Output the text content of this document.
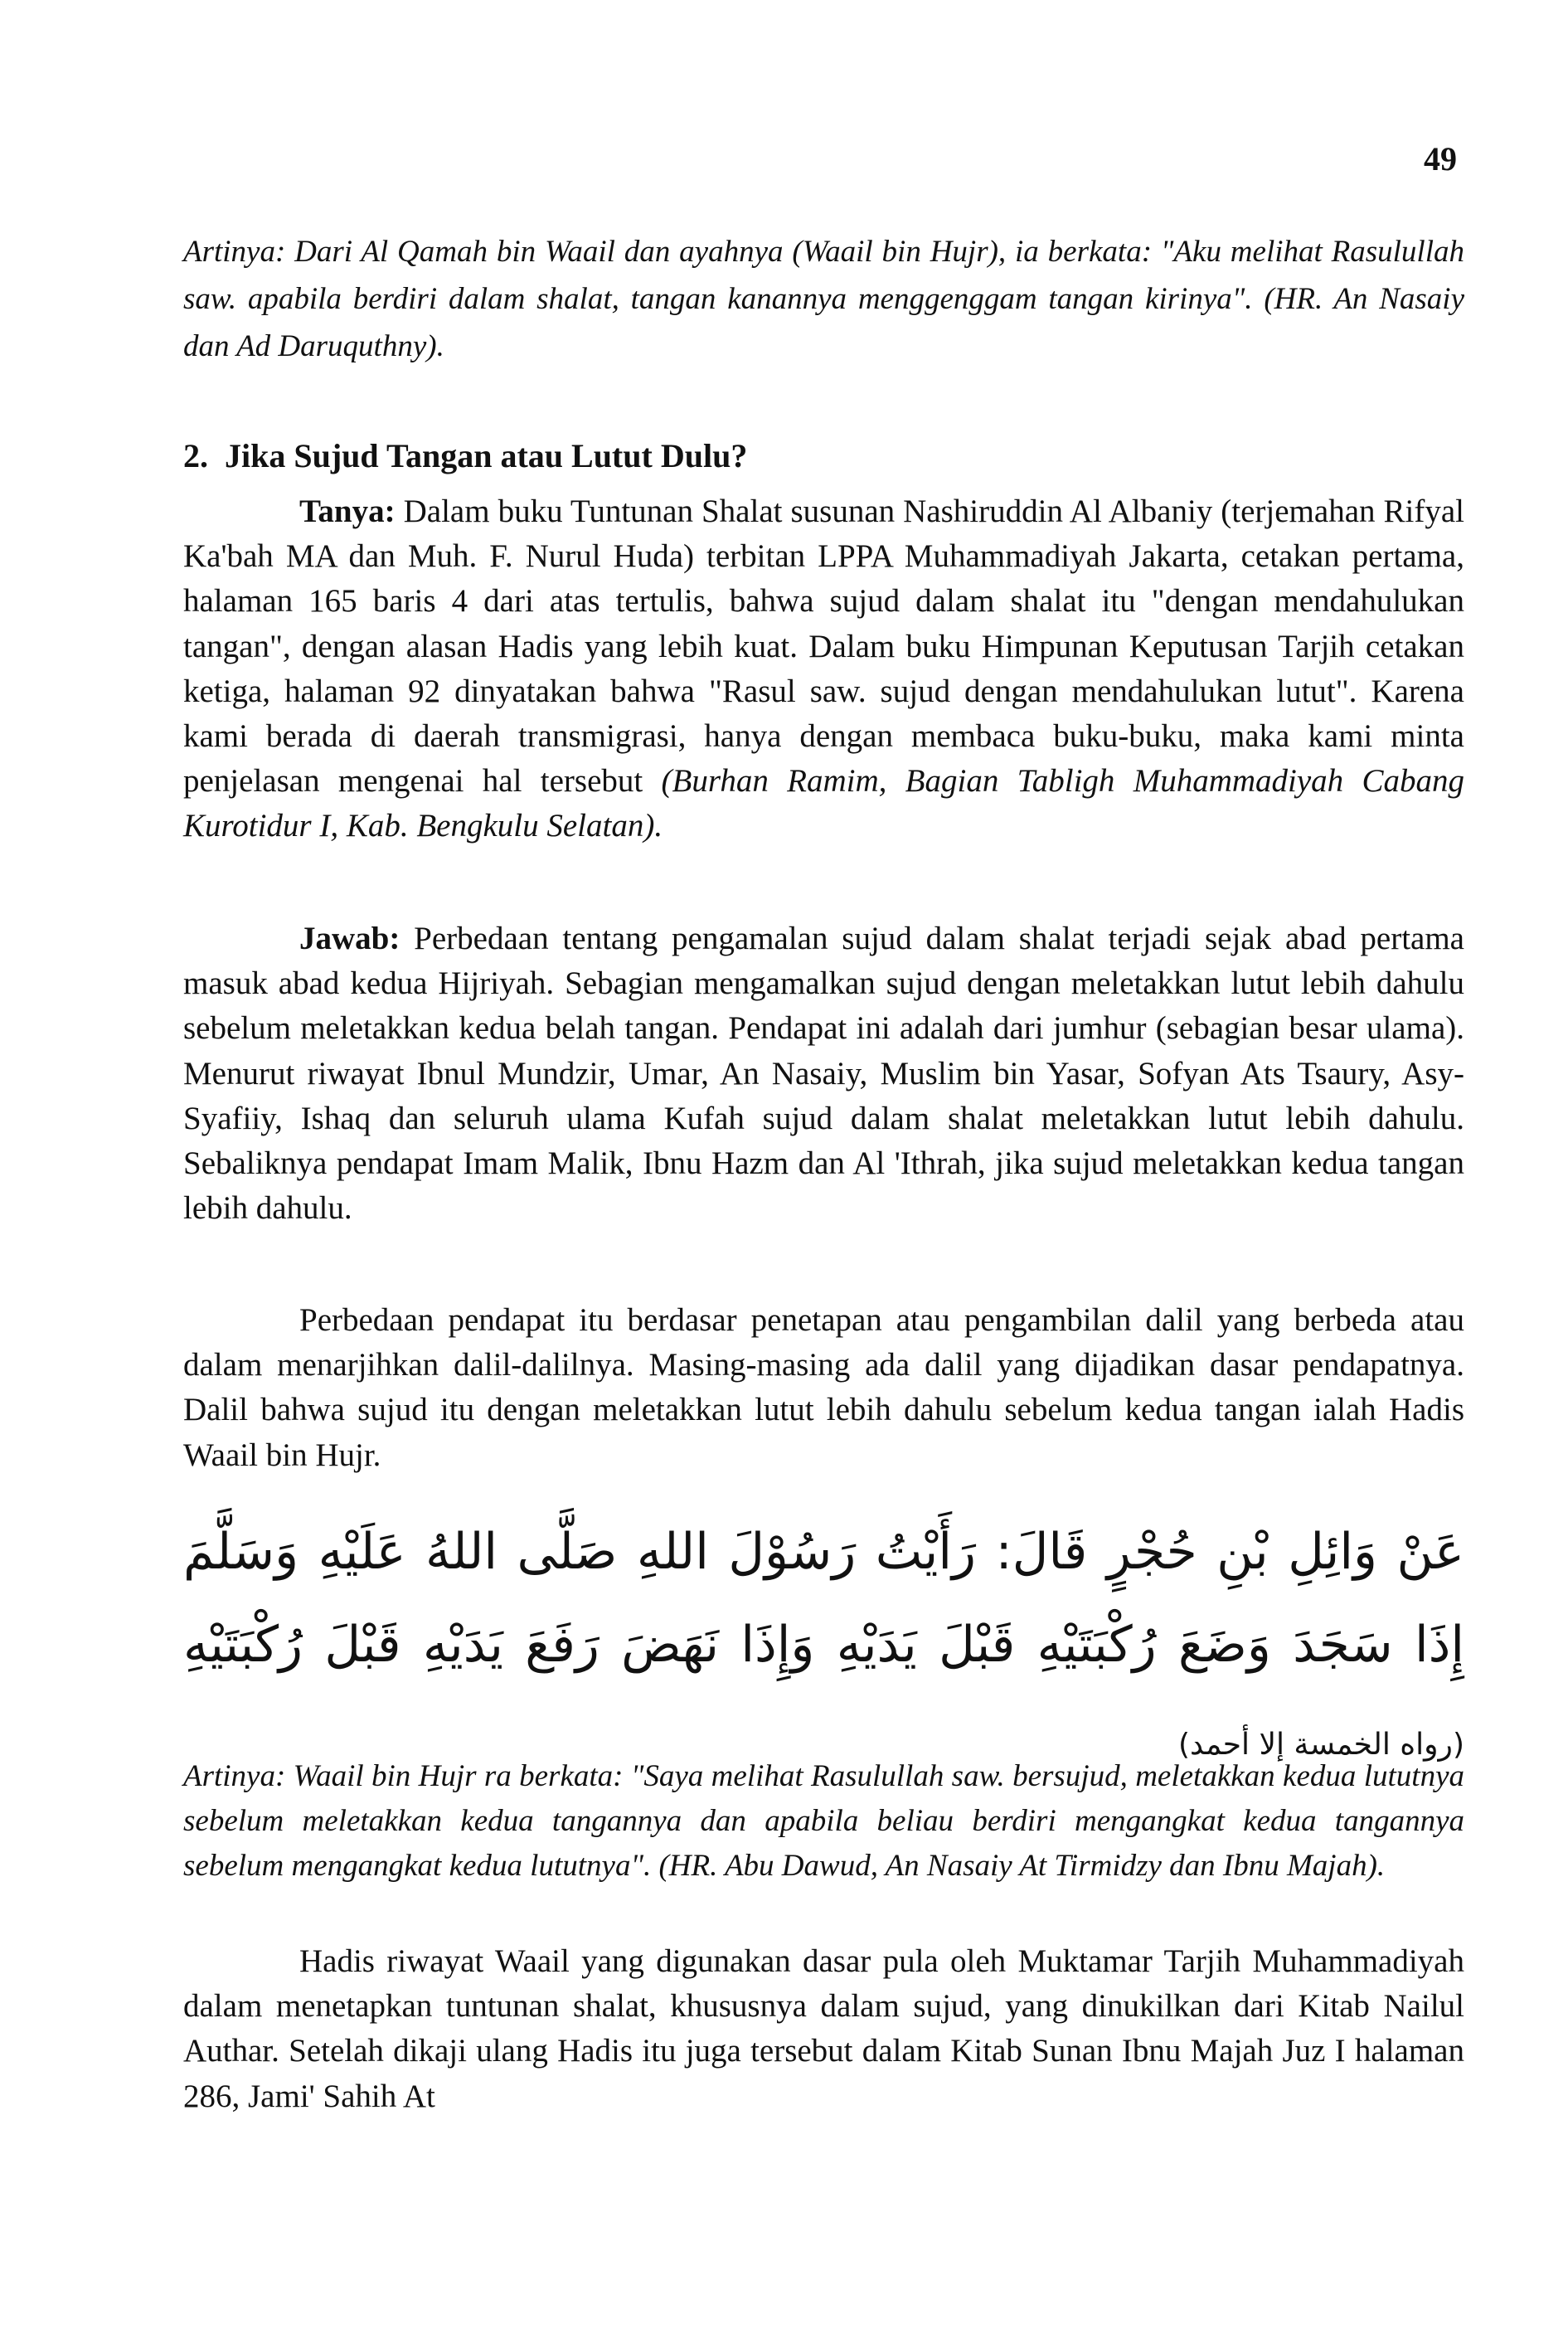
49

Artinya: Dari Al Qamah bin Waail dan ayahnya (Waail bin Hujr), ia berkata: "Aku melihat Rasulullah saw. apabila berdiri dalam shalat, tangan kanannya menggenggam tangan kirinya". (HR. An Nasaiy dan Ad Daruquthny).

2.  Jika Sujud Tangan atau Lutut Dulu?

Tanya: Dalam buku Tuntunan Shalat susunan Nashiruddin Al Albaniy (terjemahan Rifyal Ka'bah MA dan Muh. F. Nurul Huda) terbitan LPPA Muhammadiyah Jakarta, cetakan pertama, halaman 165 baris 4 dari atas tertulis, bahwa sujud dalam shalat itu "dengan mendahulukan tangan", dengan alasan Hadis yang lebih kuat. Dalam buku Himpunan Keputusan Tarjih cetakan ketiga, halaman 92 dinyatakan bahwa "Rasul saw. sujud dengan mendahulukan lutut". Karena kami berada di daerah transmigrasi, hanya dengan membaca buku-buku, maka kami minta penjelasan mengenai hal tersebut (Burhan Ramim, Bagian Tabligh Muhammadiyah Cabang Kurotidur I, Kab. Bengkulu Selatan).

Jawab: Perbedaan tentang pengamalan sujud dalam shalat terjadi sejak abad pertama masuk abad kedua Hijriyah. Sebagian mengamalkan sujud dengan meletakkan lutut lebih dahulu sebelum meletakkan kedua belah tangan. Pendapat ini adalah dari jumhur (sebagian besar ulama). Menurut riwayat Ibnul Mundzir, Umar, An Nasaiy, Muslim bin Yasar, Sofyan Ats Tsaury, Asy-Syafiiy, Ishaq dan seluruh ulama Kufah sujud dalam shalat meletakkan lutut lebih dahulu. Sebaliknya pendapat Imam Malik, Ibnu Hazm dan Al 'Ithrah, jika sujud meletakkan kedua tangan lebih dahulu.

Perbedaan pendapat itu berdasar penetapan atau pengambilan dalil yang berbeda atau dalam menarjihkan dalil-dalilnya. Masing-masing ada dalil yang dijadikan dasar pendapatnya. Dalil bahwa sujud itu dengan meletakkan lutut lebih dahulu sebelum kedua tangan ialah Hadis Waail bin Hujr.

عَنْ وَائِلِ بْنِ حُجْرٍ قَالَ: رَأَيْتُ رَسُوْلَ اللهِ صَلَّى اللهُ عَلَيْهِ وَسَلَّمَ إِذَا سَجَدَ وَضَعَ رُكْبَتَيْهِ قَبْلَ يَدَيْهِ وَإِذَا نَهَضَ رَفَعَ يَدَيْهِ قَبْلَ رُكْبَتَيْهِ (رواه الخمسة إلا أحمد)

Artinya: Waail bin Hujr ra berkata: "Saya melihat Rasulullah saw. bersujud, meletakkan kedua lututnya sebelum meletakkan kedua tangannya dan apabila beliau berdiri mengangkat kedua tangannya sebelum mengangkat kedua lututnya". (HR. Abu Dawud, An Nasaiy At Tirmidzy dan Ibnu Majah).

Hadis riwayat Waail yang digunakan dasar pula oleh Muktamar Tarjih Muhammadiyah dalam menetapkan tuntunan shalat, khususnya dalam sujud, yang dinukilkan dari Kitab Nailul Authar. Setelah dikaji ulang Hadis itu juga tersebut dalam Kitab Sunan Ibnu Majah Juz I halaman 286, Jami' Sahih At
